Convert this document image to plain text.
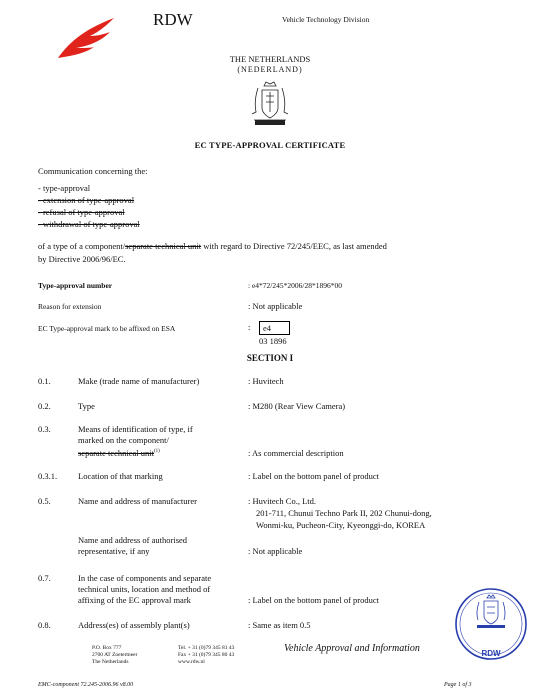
RDW	Vehicle Technology Division
THE NETHERLANDS
(NEDERLAND)
EC TYPE-APPROVAL CERTIFICATE
Communication concerning the:
- type-approval
- extension of type-approval
- refusal of type-approval
- withdrawal of type-approval
of a type of a component/separate technical unit with regard to Directive 72/245/EEC, as last amended
by Directive 2006/96/EC.
Type-approval number	: e4*72/245*2006/28*1896*00
Reason for extension	: Not applicable
EC Type-approval mark to be affixed on ESA	:	e4
03 1896
SECTION I
0.1.	Make (trade name of manufacturer)	: Huvitech
0.2.	Type	: M280 (Rear View Camera)
0.3.	Means of identification of type, if
marked on the component/
separate technical unit$^{(1)}$	: As commercial description
0.3.1. Location of that marking	: Label on the bottom panel of product
0.5.	Name and address of manufacturer	: Huvitech Co., Ltd.
201-711, Chunui Techno Park II, 202 Chunui-dong,
Wonmi-ku, Pucheon-City, Kyeonggi-do, KOREA
Name and address of authorised
representative, if any	: Not applicable
0.7.	In the case of components and separate
technical units, location and method of
affixing of the EC approval mark	: Label on the bottom panel of product
0.8.	Address(es) of assembly plant(s)	: Same as item 0.5
RDW
P.O. Box 777
2700 AT Zoetermeer
The Netherlands
Tel. + 31 (0)79 345 81 43
Fax + 31 (0)79 345 80 43
www.rdw.nl
Vehicle Approval and Information
EMC-component 72.245-2006.96 v8.00	Page 1 of 3
